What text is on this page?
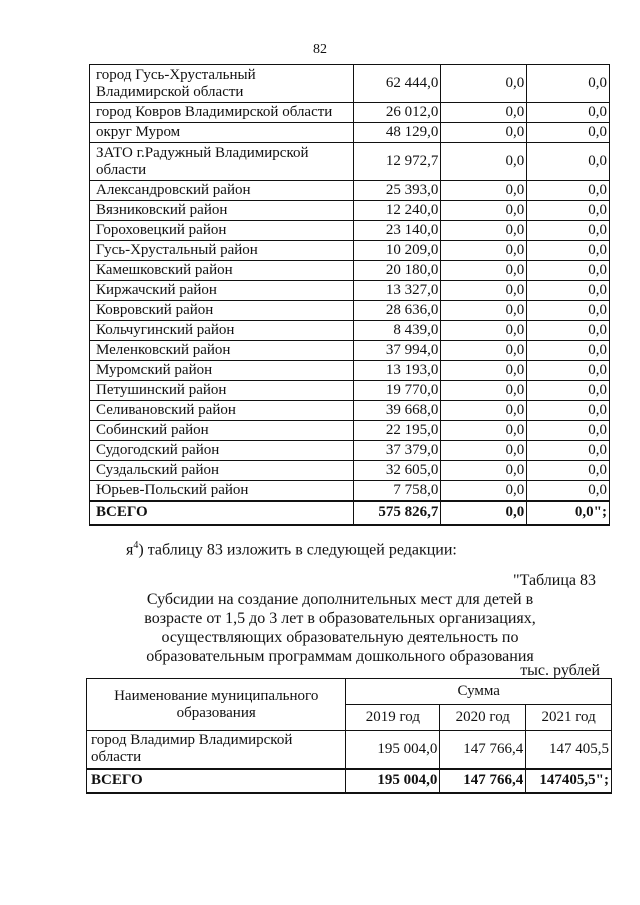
82
город Гусь-Хрустальный Владимирской области	62 444,0	0,0	0,0
город Ковров Владимирской области	26 012,0	0,0	0,0
округ Муром	48 129,0	0,0	0,0
ЗАТО г.Радужный Владимирской области	12 972,7	0,0	0,0
Александровский район	25 393,0	0,0	0,0
Вязниковский район	12 240,0	0,0	0,0
Гороховецкий район	23 140,0	0,0	0,0
Гусь-Хрустальный район	10 209,0	0,0	0,0
Камешковский район	20 180,0	0,0	0,0
Киржачский район	13 327,0	0,0	0,0
Ковровский район	28 636,0	0,0	0,0
Кольчугинский район	8 439,0	0,0	0,0
Меленковский район	37 994,0	0,0	0,0
Муромский район	13 193,0	0,0	0,0
Петушинский район	19 770,0	0,0	0,0
Селивановский район	39 668,0	0,0	0,0
Собинский район	22 195,0	0,0	0,0
Судогодский район	37 379,0	0,0	0,0
Суздальский район	32 605,0	0,0	0,0
Юрьев-Польский район	7 758,0	0,0	0,0
ВСЕГО	575 826,7	0,0	0,0";
$я^4$) таблицу 83 изложить в следующей редакции:
"Таблица 83
Субсидии на создание дополнительных мест для детей в возрасте от 1,5 до 3 лет в образовательных организациях, осуществляющих образовательную деятельность по образовательным программам дошкольного образования
тыс. рублей
Наименование муниципального образования	Сумма		
	2019 год	2020 год	2021 год
город Владимир Владимирской области	195 004,0	147 766,4	147 405,5
ВСЕГО	195 004,0	147 766,4	147405,5";
